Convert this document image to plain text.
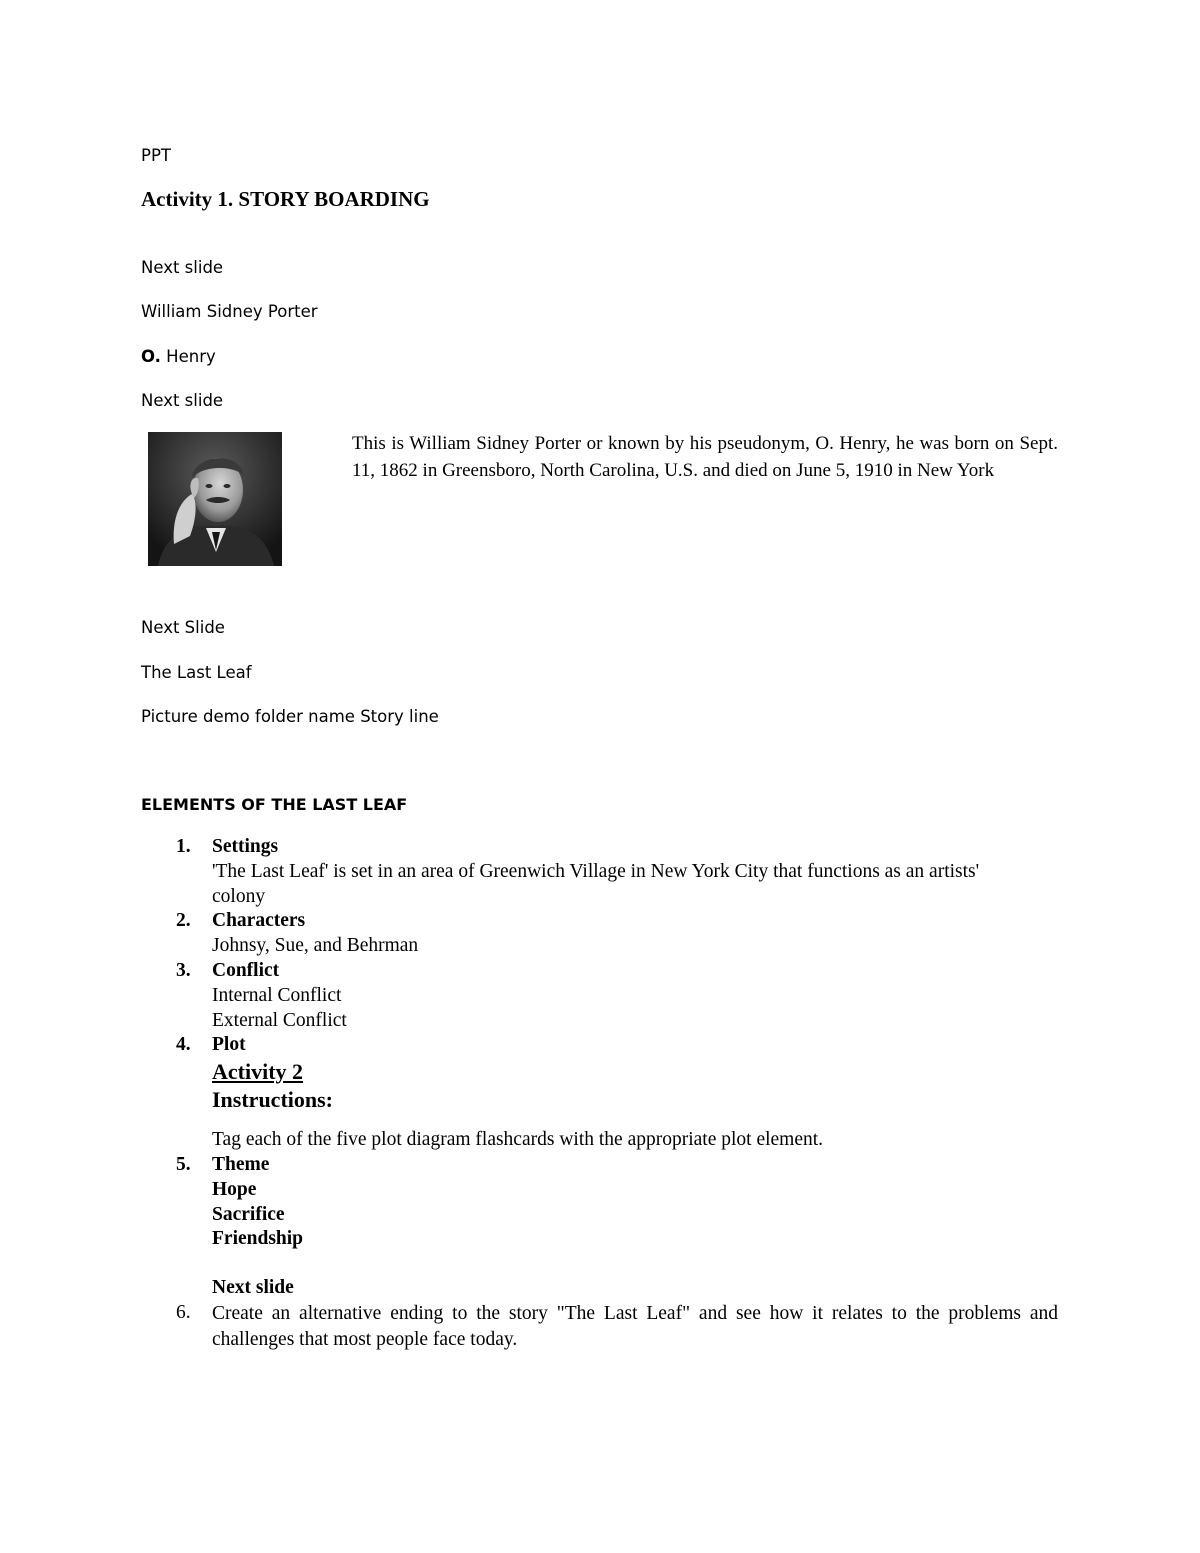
PPT

Activity 1. STORY BOARDING

Next slide

William Sidney Porter

O. Henry

Next slide

This is William Sidney Porter or known by his pseudonym, O. Henry, he was born on Sept. 11, 1862 in Greensboro, North Carolina, U.S. and died on June 5, 1910 in New York

Next Slide

The Last Leaf

Picture demo folder name Story line

ELEMENTS OF THE LAST LEAF

1. Settings
'The Last Leaf' is set in an area of Greenwich Village in New York City that functions as an artists' colony
2. Characters
Johnsy, Sue, and Behrman
3. Conflict
Internal Conflict
External Conflict
4. Plot
Activity 2
Instructions:
Tag each of the five plot diagram flashcards with the appropriate plot element.
5. Theme
Hope
Sacrifice
Friendship
Next slide
6. Create an alternative ending to the story "The Last Leaf" and see how it relates to the problems and challenges that most people face today.
